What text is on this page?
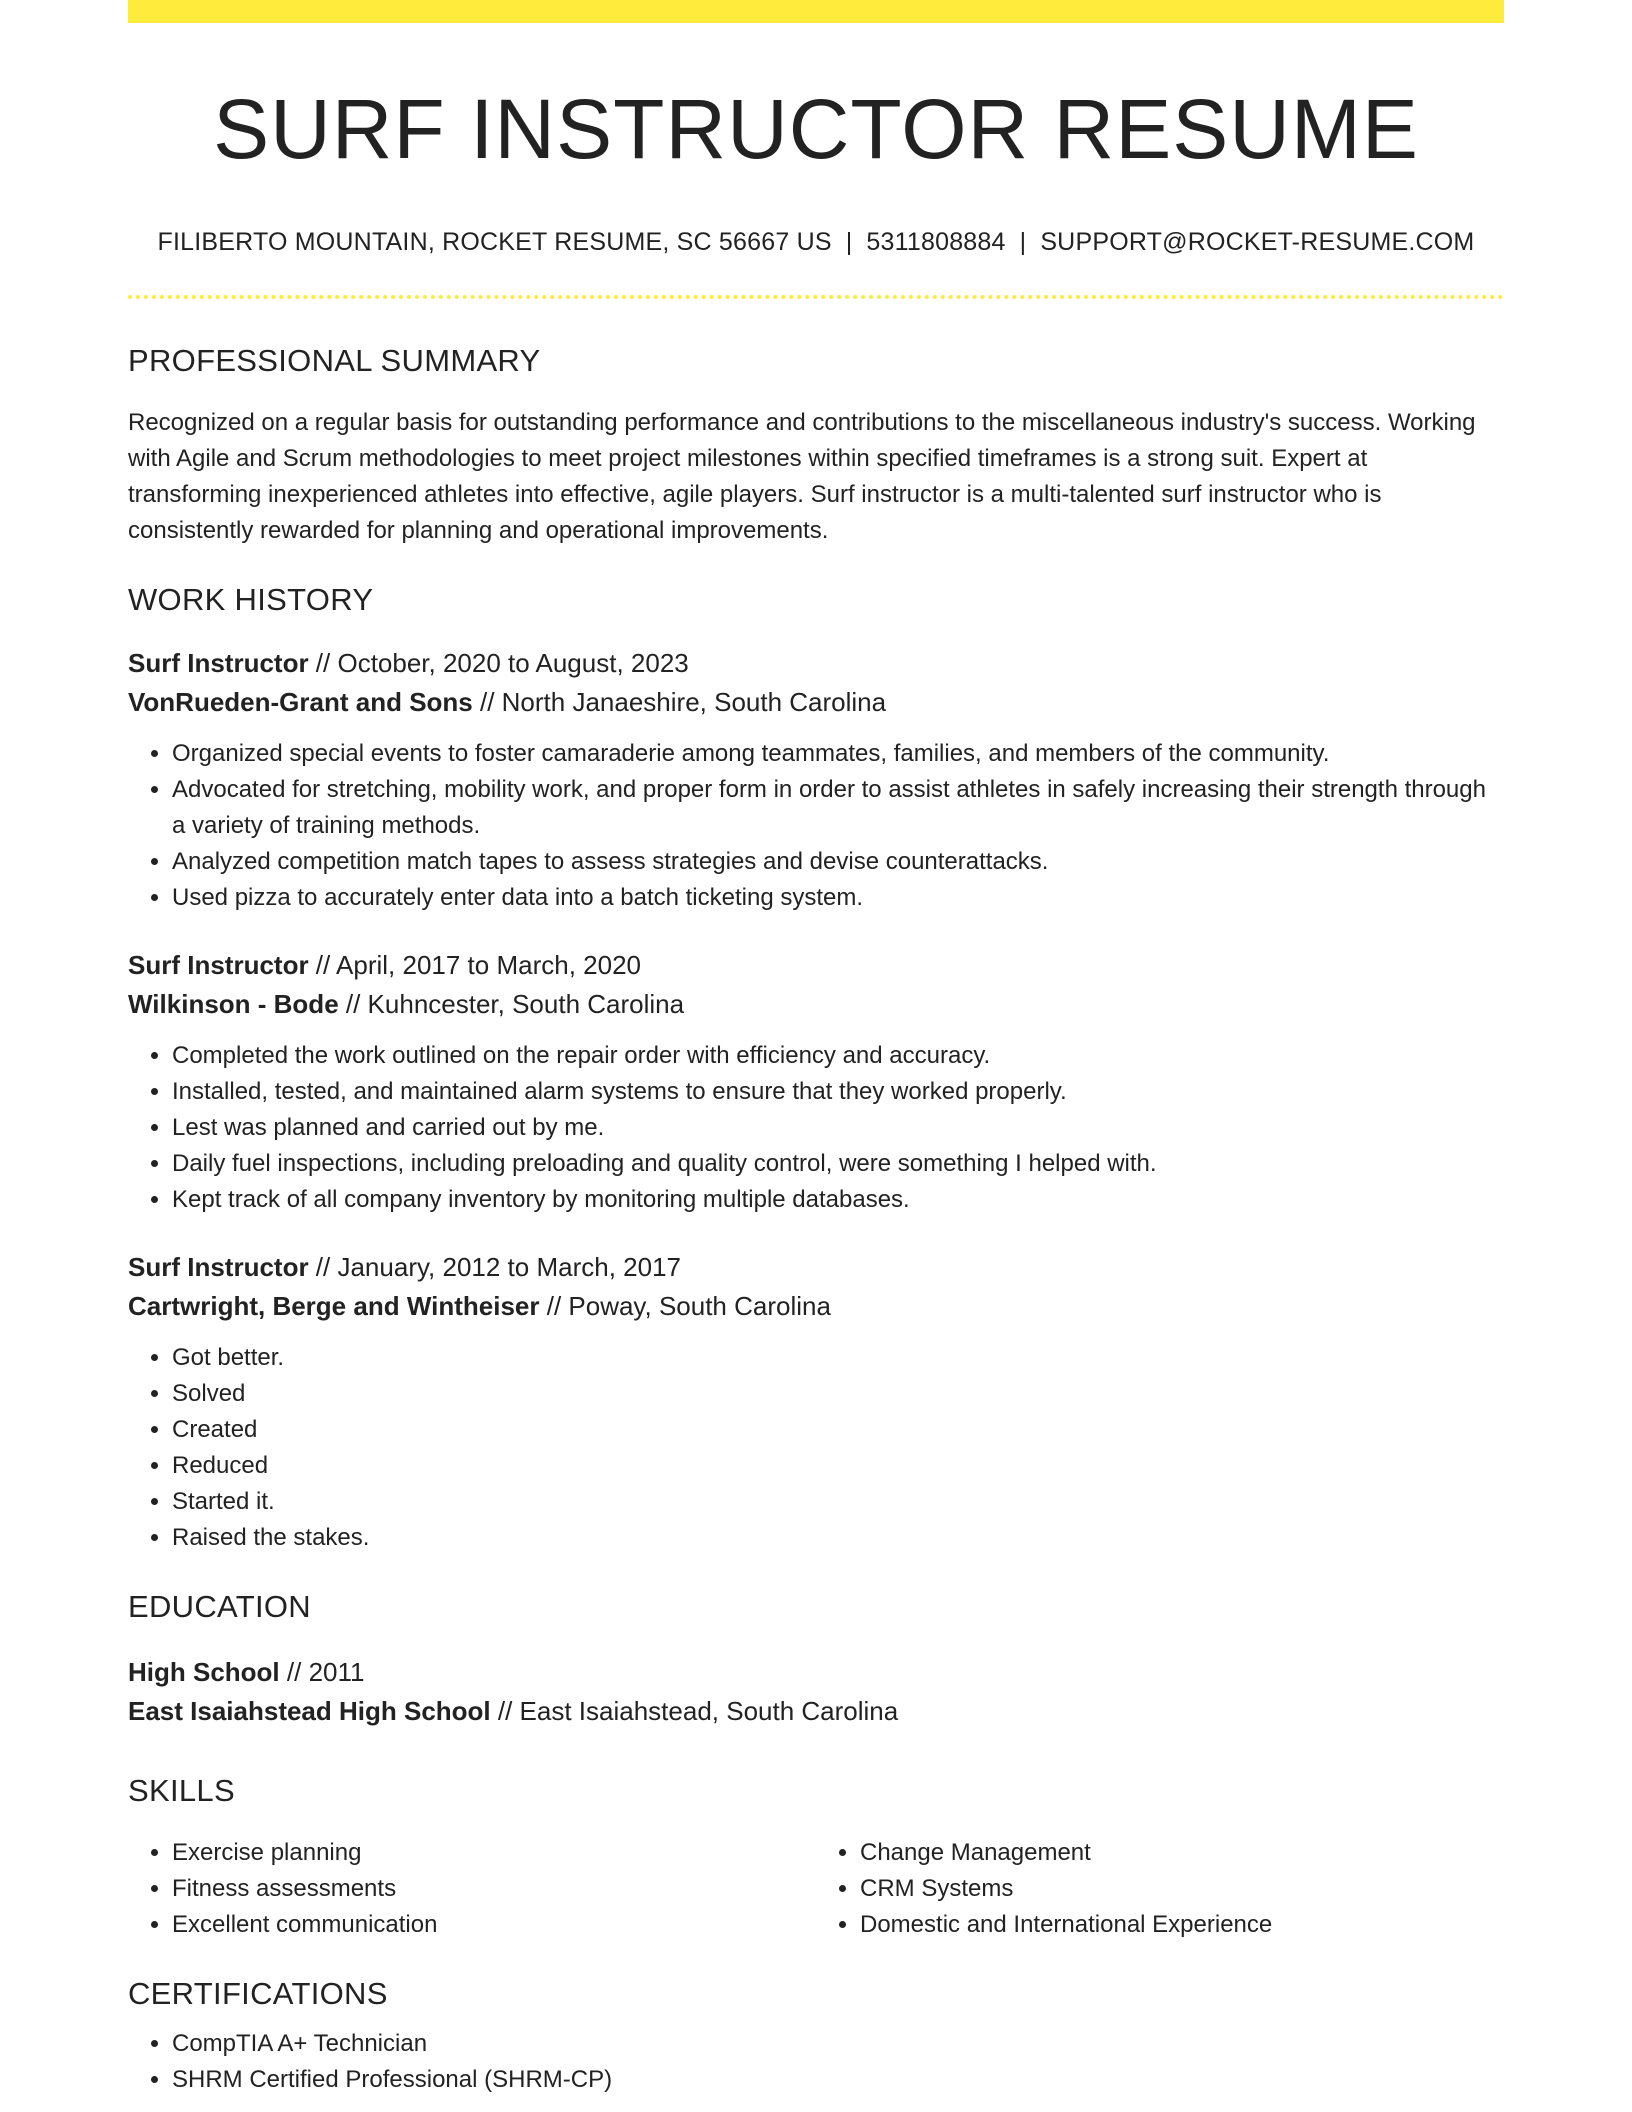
SURF INSTRUCTOR RESUME
FILIBERTO MOUNTAIN, ROCKET RESUME, SC 56667 US | 5311808884 | SUPPORT@ROCKET-RESUME.COM
PROFESSIONAL SUMMARY
Recognized on a regular basis for outstanding performance and contributions to the miscellaneous industry's success. Working with Agile and Scrum methodologies to meet project milestones within specified timeframes is a strong suit. Expert at transforming inexperienced athletes into effective, agile players. Surf instructor is a multi-talented surf instructor who is consistently rewarded for planning and operational improvements.
WORK HISTORY
Surf Instructor // October, 2020 to August, 2023
VonRueden-Grant and Sons // North Janaeshire, South Carolina
• Organized special events to foster camaraderie among teammates, families, and members of the community.
• Advocated for stretching, mobility work, and proper form in order to assist athletes in safely increasing their strength through a variety of training methods.
• Analyzed competition match tapes to assess strategies and devise counterattacks.
• Used pizza to accurately enter data into a batch ticketing system.
Surf Instructor // April, 2017 to March, 2020
Wilkinson - Bode // Kuhncester, South Carolina
• Completed the work outlined on the repair order with efficiency and accuracy.
• Installed, tested, and maintained alarm systems to ensure that they worked properly.
• Lest was planned and carried out by me.
• Daily fuel inspections, including preloading and quality control, were something I helped with.
• Kept track of all company inventory by monitoring multiple databases.
Surf Instructor // January, 2012 to March, 2017
Cartwright, Berge and Wintheiser // Poway, South Carolina
• Got better.
• Solved
• Created
• Reduced
• Started it.
• Raised the stakes.
EDUCATION
High School // 2011
East Isaiahstead High School // East Isaiahstead, South Carolina
SKILLS
• Exercise planning
• Fitness assessments
• Excellent communication
• Change Management
• CRM Systems
• Domestic and International Experience
CERTIFICATIONS
• CompTIA A+ Technician
• SHRM Certified Professional (SHRM-CP)
